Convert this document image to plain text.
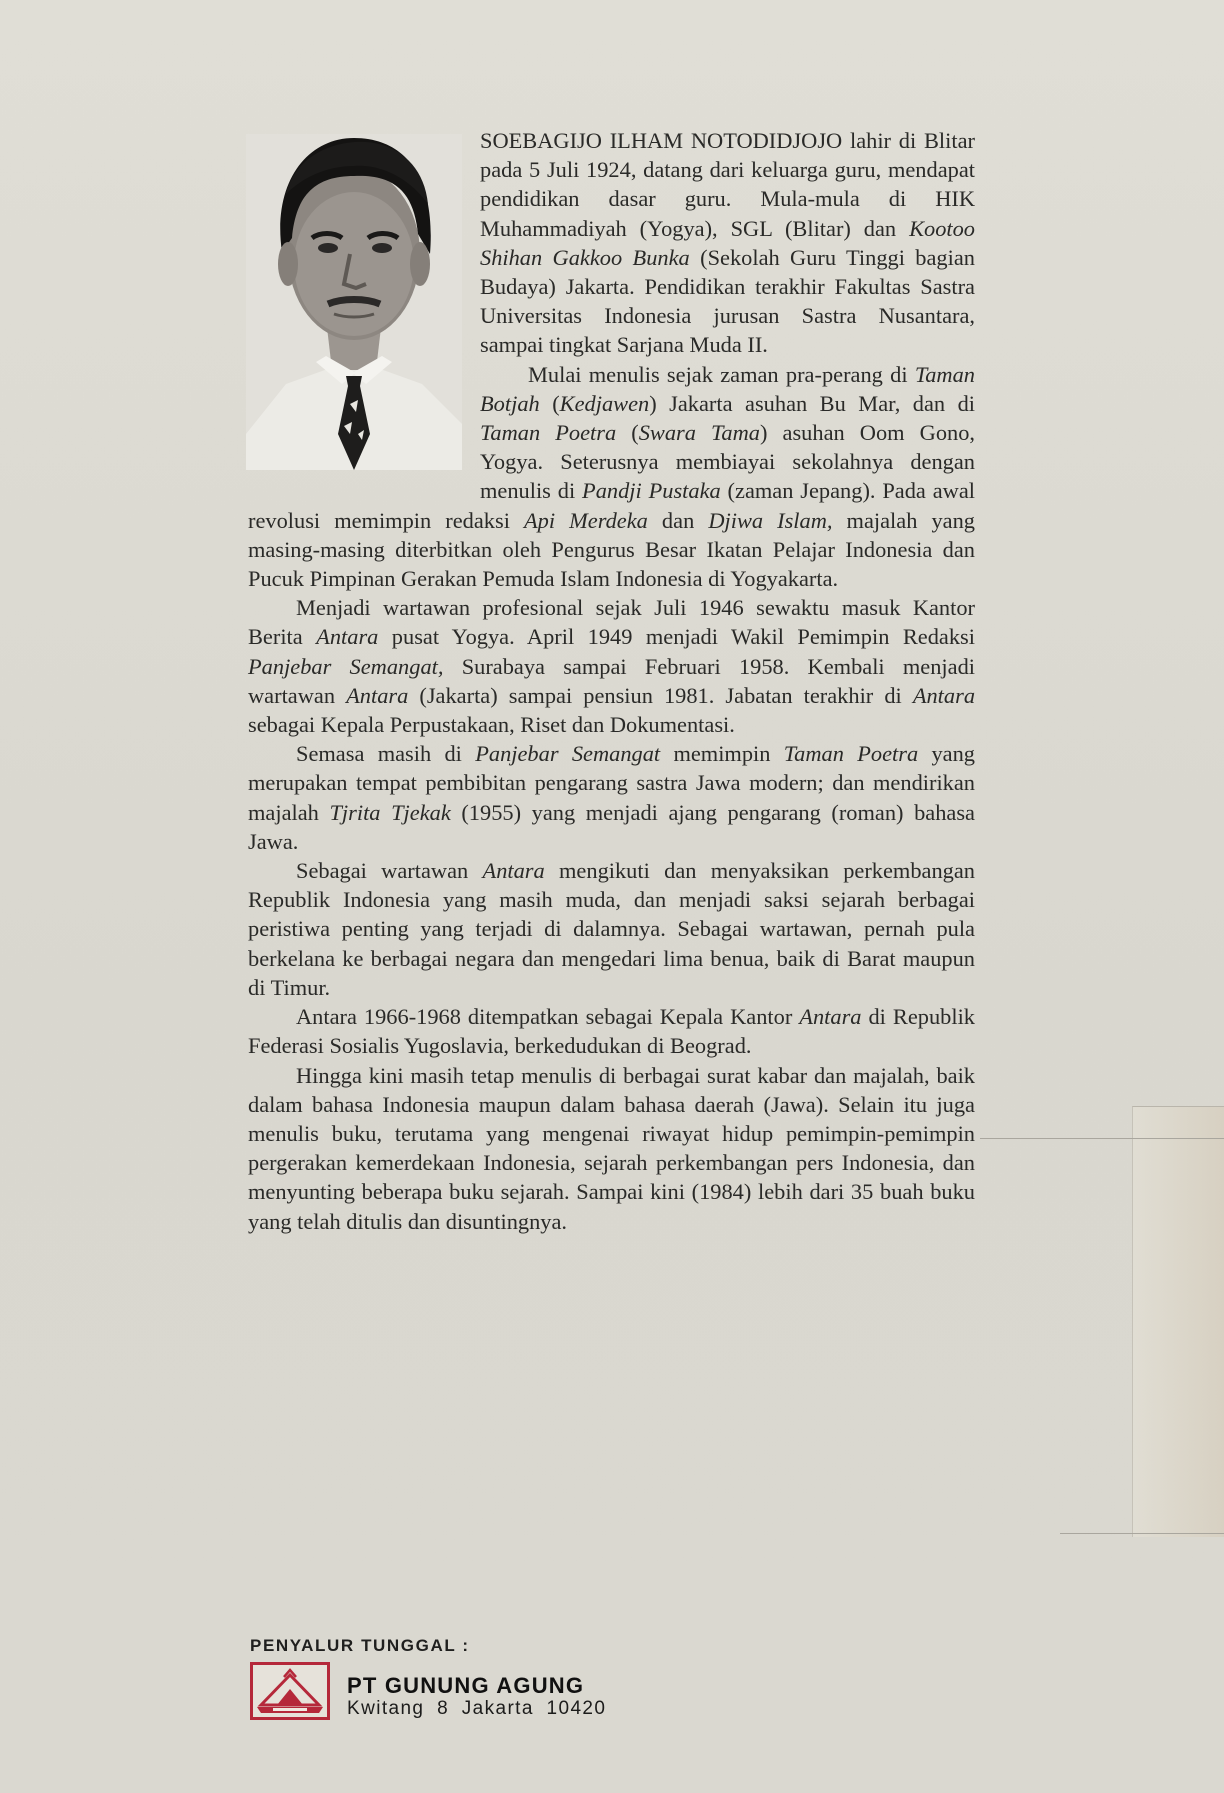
SOEBAGIJO ILHAM NOTODIDJOJO lahir di Blitar pada 5 Juli 1924, datang dari keluarga guru, mendapat pendidikan dasar guru. Mula-mula di HIK Muhammadiyah (Yogya), SGL (Blitar) dan Kootoo Shihan Gakkoo Bunka (Sekolah Guru Tinggi bagian Budaya) Jakarta. Pendidikan terakhir Fakultas Sastra Universitas Indonesia jurusan Sastra Nusantara, sampai tingkat Sarjana Muda II.

Mulai menulis sejak zaman pra-perang di Taman Botjah (Kedjawen) Jakarta asuhan Bu Mar, dan di Taman Poetra (Swara Tama) asuhan Oom Gono, Yogya. Seterusnya membiayai sekolahnya dengan menulis di Pandji Pustaka (zaman Jepang). Pada awal revolusi memimpin redaksi Api Merdeka dan Djiwa Islam, majalah yang masing-masing diterbitkan oleh Pengurus Besar Ikatan Pelajar Indonesia dan Pucuk Pimpinan Gerakan Pemuda Islam Indonesia di Yogyakarta.

Menjadi wartawan profesional sejak Juli 1946 sewaktu masuk Kantor Berita Antara pusat Yogya. April 1949 menjadi Wakil Pemimpin Redaksi Panjebar Semangat, Surabaya sampai Februari 1958. Kembali menjadi wartawan Antara (Jakarta) sampai pensiun 1981. Jabatan terakhir di Antara sebagai Kepala Perpustakaan, Riset dan Dokumentasi.

Semasa masih di Panjebar Semangat memimpin Taman Poetra yang merupakan tempat pembibitan pengarang sastra Jawa modern; dan mendirikan majalah Tjrita Tjekak (1955) yang menjadi ajang pengarang (roman) bahasa Jawa.

Sebagai wartawan Antara mengikuti dan menyaksikan perkembangan Republik Indonesia yang masih muda, dan menjadi saksi sejarah berbagai peristiwa penting yang terjadi di dalamnya. Sebagai wartawan, pernah pula berkelana ke berbagai negara dan mengedari lima benua, baik di Barat maupun di Timur.

Antara 1966-1968 ditempatkan sebagai Kepala Kantor Antara di Republik Federasi Sosialis Yugoslavia, berkedudukan di Beograd.

Hingga kini masih tetap menulis di berbagai surat kabar dan majalah, baik dalam bahasa Indonesia maupun dalam bahasa daerah (Jawa). Selain itu juga menulis buku, terutama yang mengenai riwayat hidup pemimpin-pemimpin pergerakan kemerdekaan Indonesia, sejarah perkembangan pers Indonesia, dan menyunting beberapa buku sejarah. Sampai kini (1984) lebih dari 35 buah buku yang telah ditulis dan disuntingnya.

PENYALUR TUNGGAL :
PT GUNUNG AGUNG
Kwitang 8 Jakarta 10420
